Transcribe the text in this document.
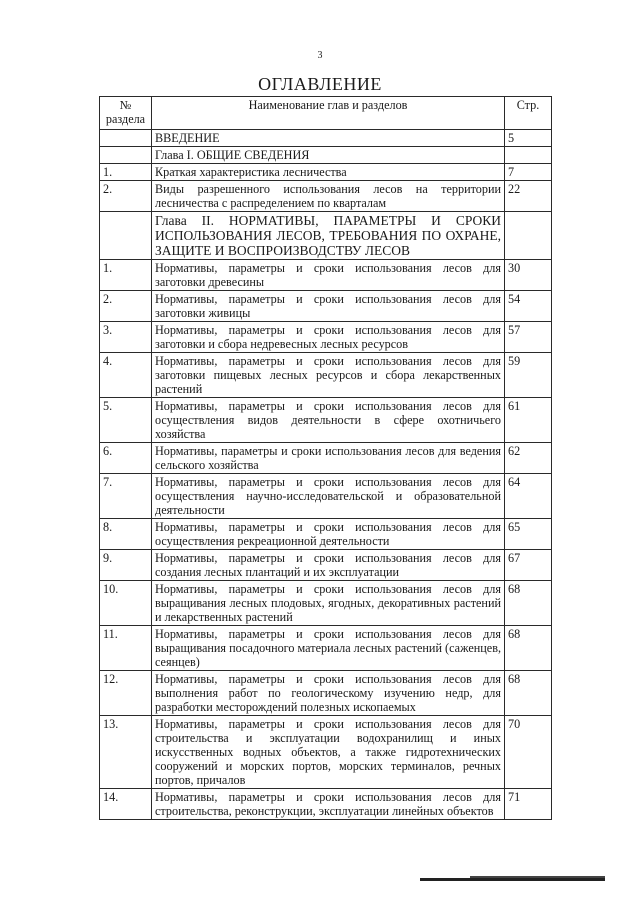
3
ОГЛАВЛЕНИЕ
№ раздела	Наименование глав и разделов	Стр.
	ВВЕДЕНИЕ	5
	Глава I. ОБЩИЕ СВЕДЕНИЯ	
1.	Краткая характеристика лесничества	7
2.	Виды разрешенного использования лесов на территории лесничества с распределением по кварталам	22
	Глава II. НОРМАТИВЫ, ПАРАМЕТРЫ И СРОКИ ИСПОЛЬЗОВАНИЯ ЛЕСОВ, ТРЕБОВАНИЯ ПО ОХРАНЕ, ЗАЩИТЕ И ВОСПРОИЗВОДСТВУ ЛЕСОВ	
1.	Нормативы, параметры и сроки использования лесов для заготовки древесины	30
2.	Нормативы, параметры и сроки использования лесов для заготовки живицы	54
3.	Нормативы, параметры и сроки использования лесов для заготовки и сбора недревесных лесных ресурсов	57
4.	Нормативы, параметры и сроки использования лесов для заготовки пищевых лесных ресурсов и сбора лекарственных растений	59
5.	Нормативы, параметры и сроки использования лесов для осуществления видов деятельности в сфере охотничьего хозяйства	61
6.	Нормативы, параметры и сроки использования лесов для ведения сельского хозяйства	62
7.	Нормативы, параметры и сроки использования лесов для осуществления научно-исследовательской и образовательной деятельности	64
8.	Нормативы, параметры и сроки использования лесов для осуществления рекреационной деятельности	65
9.	Нормативы, параметры и сроки использования лесов для создания лесных плантаций и их эксплуатации	67
10.	Нормативы, параметры и сроки использования лесов для выращивания лесных плодовых, ягодных, декоративных растений и лекарственных растений	68
11.	Нормативы, параметры и сроки использования лесов для выращивания посадочного материала лесных растений (саженцев, сеянцев)	68
12.	Нормативы, параметры и сроки использования лесов для выполнения работ по геологическому изучению недр, для разработки месторождений полезных ископаемых	68
13.	Нормативы, параметры и сроки использования лесов для строительства и эксплуатации водохранилищ и иных искусственных водных объектов, а также гидротехнических сооружений и морских портов, морских терминалов, речных портов, причалов	70
14.	Нормативы, параметры и сроки использования лесов для строительства, реконструкции, эксплуатации линейных объектов	71
